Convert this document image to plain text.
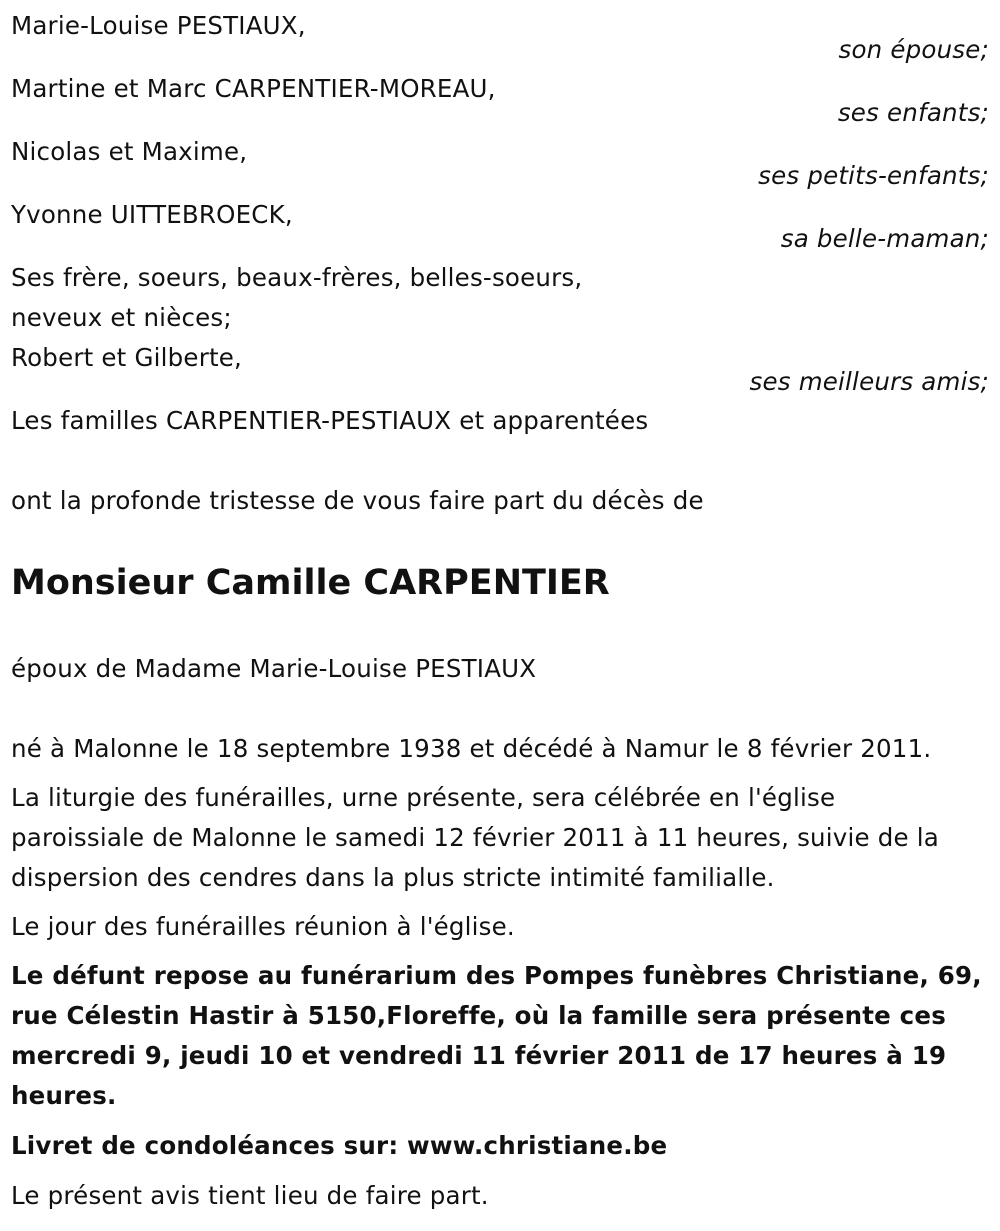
Marie-Louise PESTIAUX,
son épouse;
Martine et Marc CARPENTIER-MOREAU,
ses enfants;
Nicolas et Maxime,
ses petits-enfants;
Yvonne UITTEBROECK,
sa belle-maman;
Ses frère, soeurs, beaux-frères, belles-soeurs,
neveux et nièces;
Robert et Gilberte,
ses meilleurs amis;
Les familles CARPENTIER-PESTIAUX et apparentées
ont la profonde tristesse de vous faire part du décès de
Monsieur Camille CARPENTIER
époux de Madame Marie-Louise PESTIAUX
né à Malonne le 18 septembre 1938 et décédé à Namur le 8 février 2011.
La liturgie des funérailles, urne présente, sera célébrée en l'église
paroissiale de Malonne le samedi 12 février 2011 à 11 heures, suivie de la
dispersion des cendres dans la plus stricte intimité familialle.
Le jour des funérailles réunion à l'église.
Le défunt repose au funérarium des Pompes funèbres Christiane, 69,
rue Célestin Hastir à 5150,Floreffe, où la famille sera présente ces
mercredi 9, jeudi 10 et vendredi 11 février 2011 de 17 heures à 19
heures.
Livret de condoléances sur: www.christiane.be
Le présent avis tient lieu de faire part.
